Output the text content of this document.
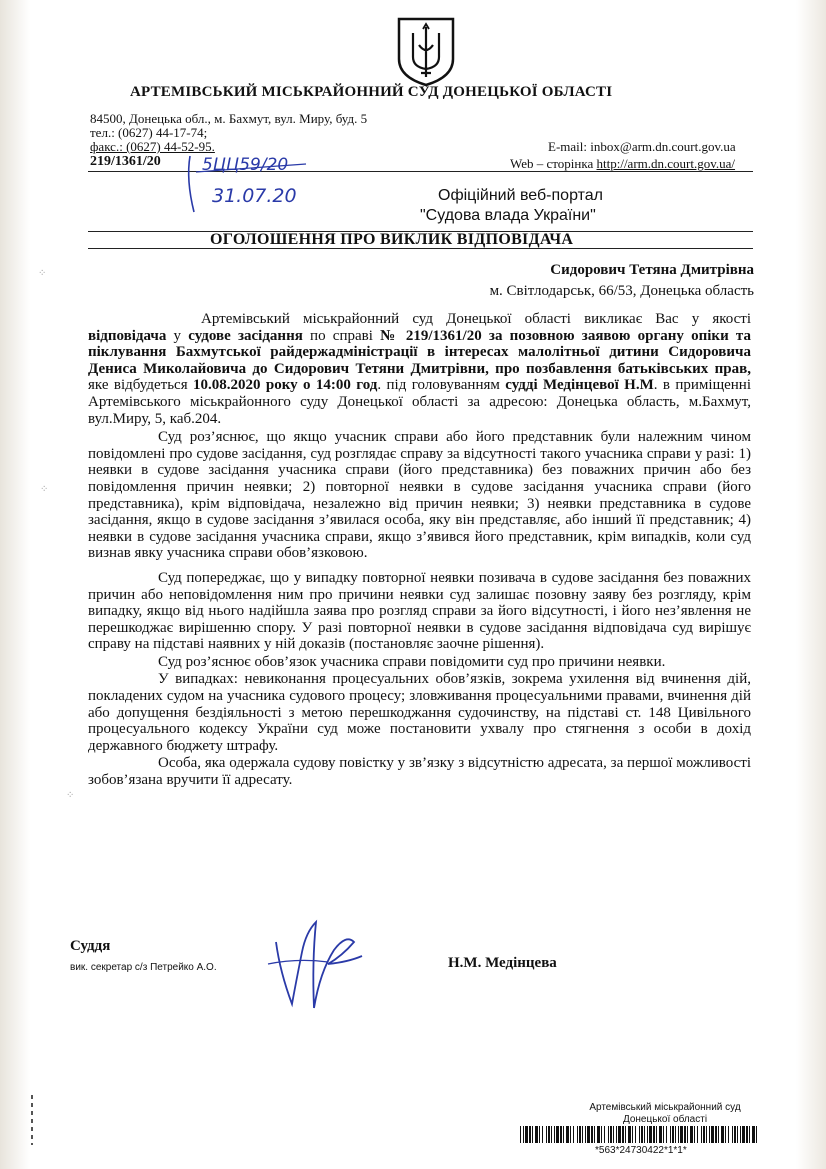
АРТЕМІВСЬКИЙ МІСЬКРАЙОННИЙ СУД ДОНЕЦЬКОЇ ОБЛАСТІ
84500, Донецька обл., м. Бахмут, вул. Миру, буд. 5
тел.: (0627) 44-17-74;
факс.: (0627) 44-52-95.	E-mail: inbox@arm.dn.court.gov.ua
Web – сторінка http://arm.dn.court.gov.ua/
219/1361/20 5ЦЦ59/20
31.07.20	Офіційний веб-портал
"Судова влада України"
ОГОЛОШЕННЯ ПРО ВИКЛИК ВІДПОВІДАЧА
Сидорович Тетяна Дмитрівна
м. Світлодарськ, 66/53, Донецька область

Артемівський міськрайонний суд Донецької області викликає Вас у якості відповідача у судове засідання по справі № 219/1361/20 за позовною заявою органу опіки та піклування Бахмутської райдержадміністрації в інтересах малолітньої дитини Сидоровича Дениса Миколайовича до Сидорович Тетяни Дмитрівни, про позбавлення батьківських прав, яке відбудеться 10.08.2020 року о 14:00 год. під головуванням судді Медінцевої Н.М. в приміщенні Артемівського міськрайонного суду Донецької області за адресою: Донецька область, м.Бахмут, вул.Миру, 5, каб.204.

Суд роз’яснює, що якщо учасник справи або його представник були належним чином повідомлені про судове засідання, суд розглядає справу за відсутності такого учасника справи у разі: 1) неявки в судове засідання учасника справи (його представника) без поважних причин або без повідомлення причин неявки; 2) повторної неявки в судове засідання учасника справи (його представника), крім відповідача, незалежно від причин неявки; 3) неявки представника в судове засідання, якщо в судове засідання з’явилася особа, яку він представляє, або інший її представник; 4) неявки в судове засідання учасника справи, якщо з’явився його представник, крім випадків, коли суд визнав явку учасника справи обов’язковою.

Суд попереджає, що у випадку повторної неявки позивача в судове засідання без поважних причин або неповідомлення ним про причини неявки суд залишає позовну заяву без розгляду, крім випадку, якщо від нього надійшла заява про розгляд справи за його відсутності, і його нез’явлення не перешкоджає вирішенню спору. У разі повторної неявки в судове засідання відповідача суд вирішує справу на підставі наявних у ній доказів (постановляє заочне рішення).

Суд роз’яснює обов’язок учасника справи повідомити суд про причини неявки.

У випадках: невиконання процесуальних обов’язків, зокрема ухилення від вчинення дій, покладених судом на учасника судового процесу; зловживання процесуальними правами, вчинення дій або допущення бездіяльності з метою перешкоджання судочинству, на підставі ст. 148 Цивільного процесуального кодексу України суд може постановити ухвалу про стягнення з особи в дохід державного бюджету штрафу.

Особа, яка одержала судову повістку у зв’язку з відсутністю адресата, за першої можливості зобов’язана вручити її адресату.

Суддя
вик. секретар с/з Петрейко А.О.	Н.М. Медінцева
⁘
⁘
⁘
Артемівський міськрайонний суд
Донецької області
*563*24730422*1*1*
